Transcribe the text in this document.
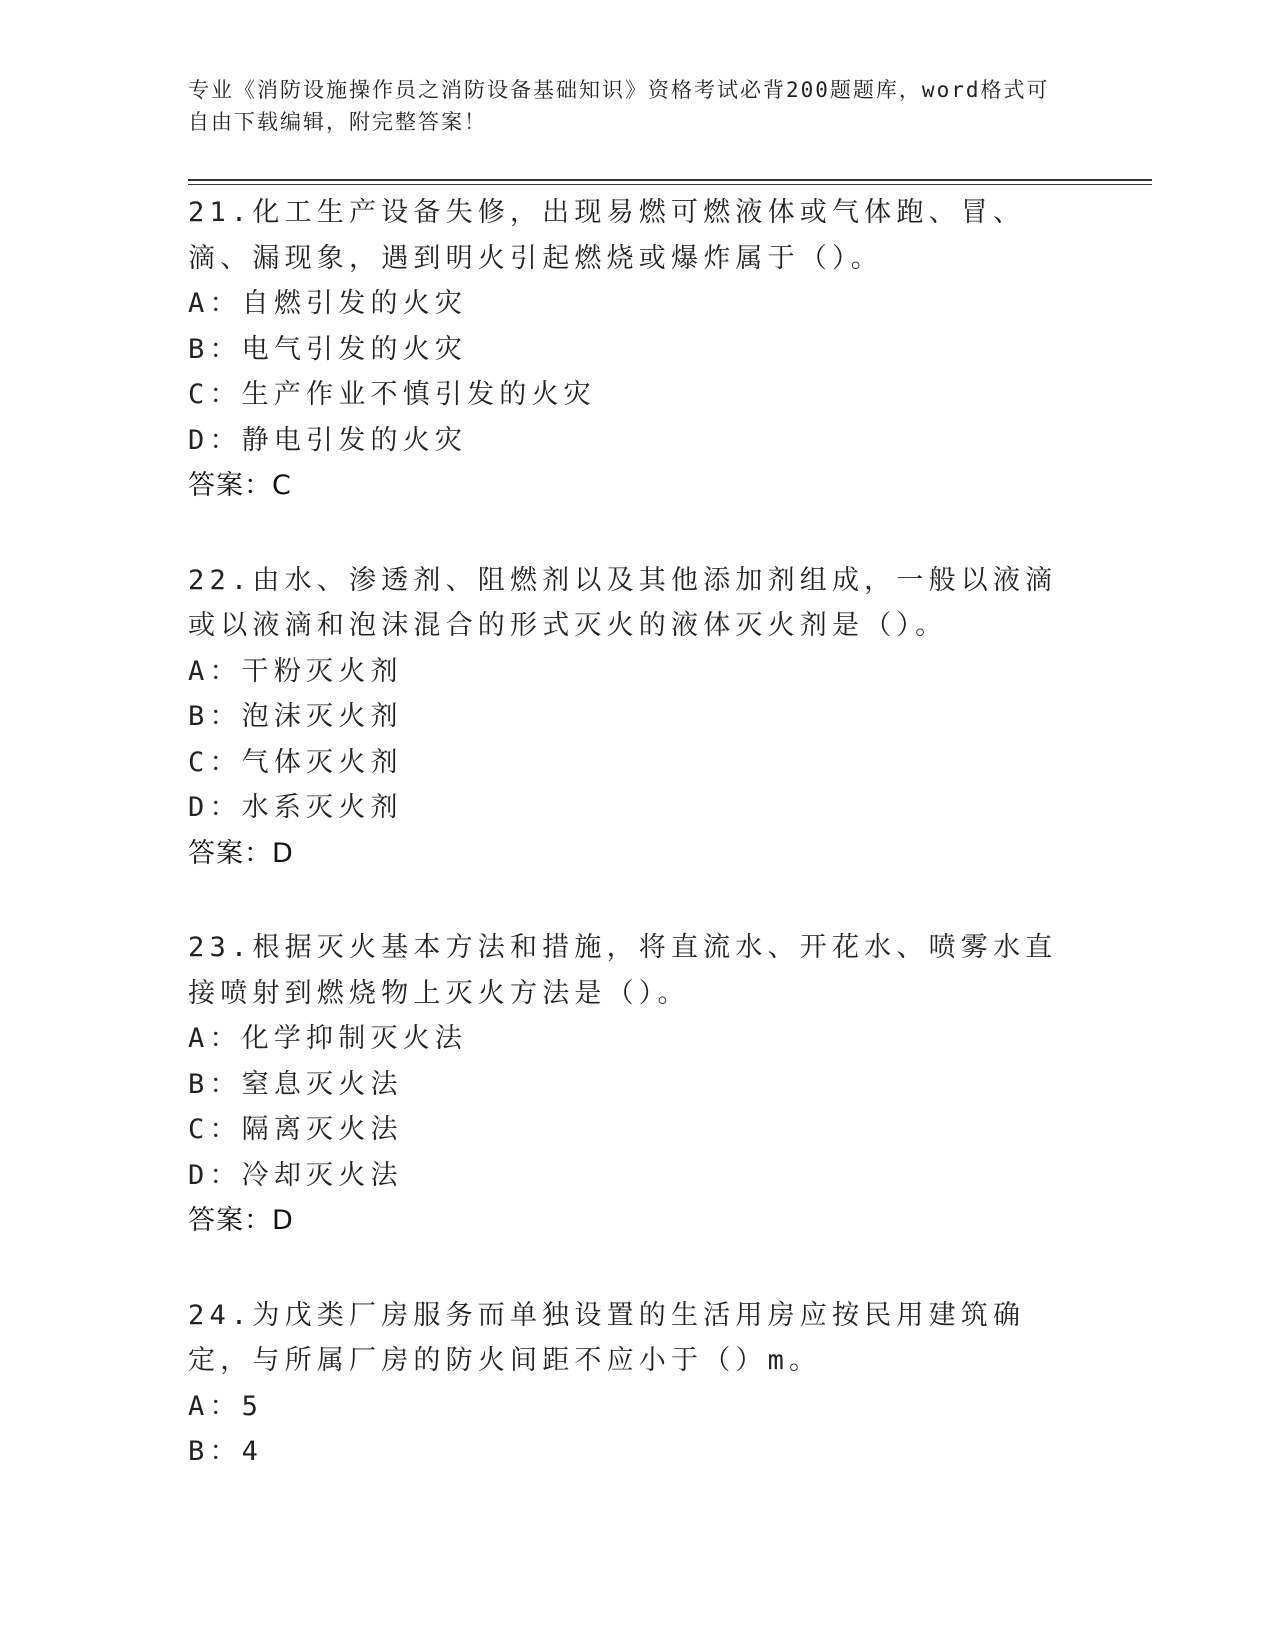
专业《消防设施操作员之消防设备基础知识》资格考试必背200题题库，word格式可自由下载编辑，附完整答案！

21.化工生产设备失修，出现易燃可燃液体或气体跑、冒、滴、漏现象，遇到明火引起燃烧或爆炸属于（）。

A：自燃引发的火灾

B：电气引发的火灾

C：生产作业不慎引发的火灾

D：静电引发的火灾

答案：C

22.由水、渗透剂、阻燃剂以及其他添加剂组成，一般以液滴或以液滴和泡沫混合的形式灭火的液体灭火剂是（）。

A：干粉灭火剂

B：泡沫灭火剂

C：气体灭火剂

D：水系灭火剂

答案：D

23.根据灭火基本方法和措施，将直流水、开花水、喷雾水直接喷射到燃烧物上灭火方法是（）。

A：化学抑制灭火法

B：窒息灭火法

C：隔离灭火法

D：冷却灭火法

答案：D

24.为戊类厂房服务而单独设置的生活用房应按民用建筑确定，与所属厂房的防火间距不应小于（）m。

A：5

B：4
